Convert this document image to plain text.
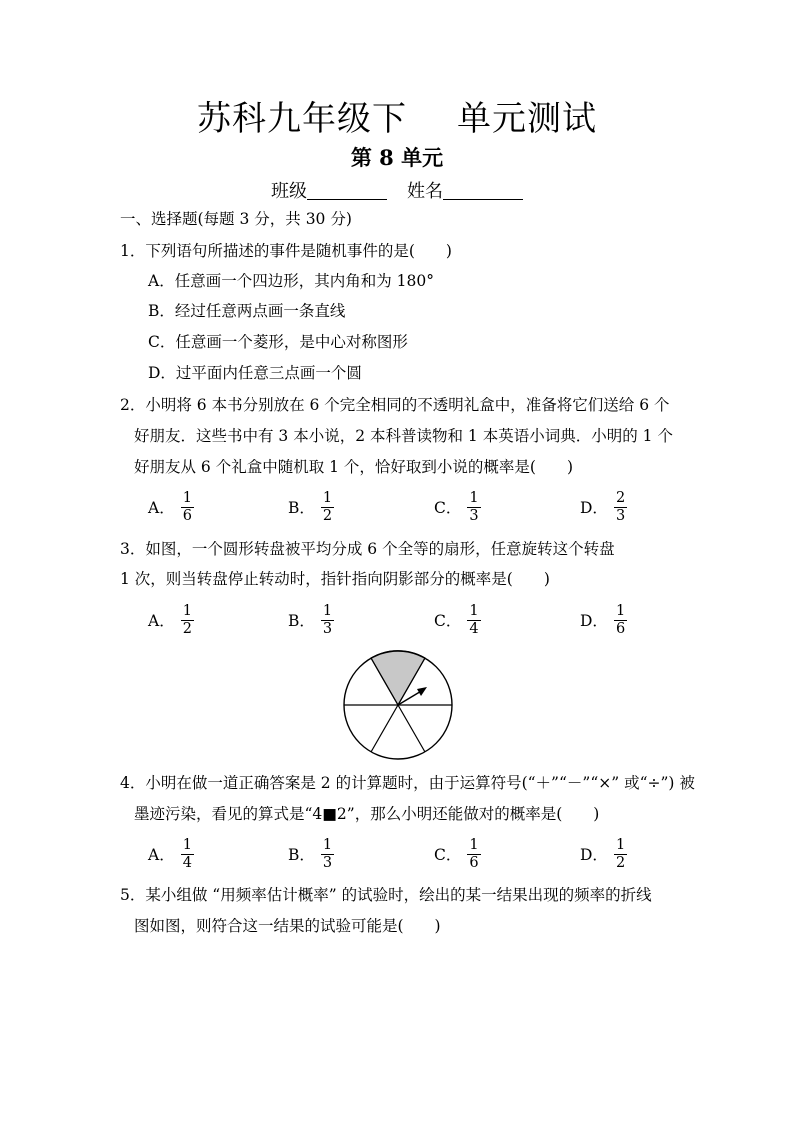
苏科九年级下 单元测试
第 8 单元
班级	姓名
一、选择题(每题 3 分，共 30 分)
1．下列语句所描述的事件是随机事件的是(　　)
A．任意画一个四边形，其内角和为 180°
B．经过任意两点画一条直线
C．任意画一个菱形，是中心对称图形
D．过平面内任意三点画一个圆
2．小明将 6 本书分别放在 6 个完全相同的不透明礼盒中，准备将它们送给 6 个
好朋友．这些书中有 3 本小说，2 本科普读物和 1 本英语小词典．小明的 1 个
好朋友从 6 个礼盒中随机取 1 个，恰好取到小说的概率是(　　)
A． $\frac{1}{6}$	B． $\frac{1}{2}$	C． $\frac{1}{3}$	D． $\frac{2}{3}$
3．如图，一个圆形转盘被平均分成 6 个全等的扇形，任意旋转这个转盘
1 次，则当转盘停止转动时，指针指向阴影部分的概率是(　　)
A． $\frac{1}{2}$	B． $\frac{1}{3}$	C． $\frac{1}{4}$	D． $\frac{1}{6}$
4．小明在做一道正确答案是 2 的计算题时，由于运算符号(“＋”“－”“×” 或“÷”) 被
墨迹污染，看见的算式是“4■2”，那么小明还能做对的概率是(　　)
A． $\frac{1}{4}$	B． $\frac{1}{3}$	C． $\frac{1}{6}$	D． $\frac{1}{2}$
5．某小组做 “用频率估计概率” 的试验时，绘出的某一结果出现的频率的折线
图如图，则符合这一结果的试验可能是(　　)
